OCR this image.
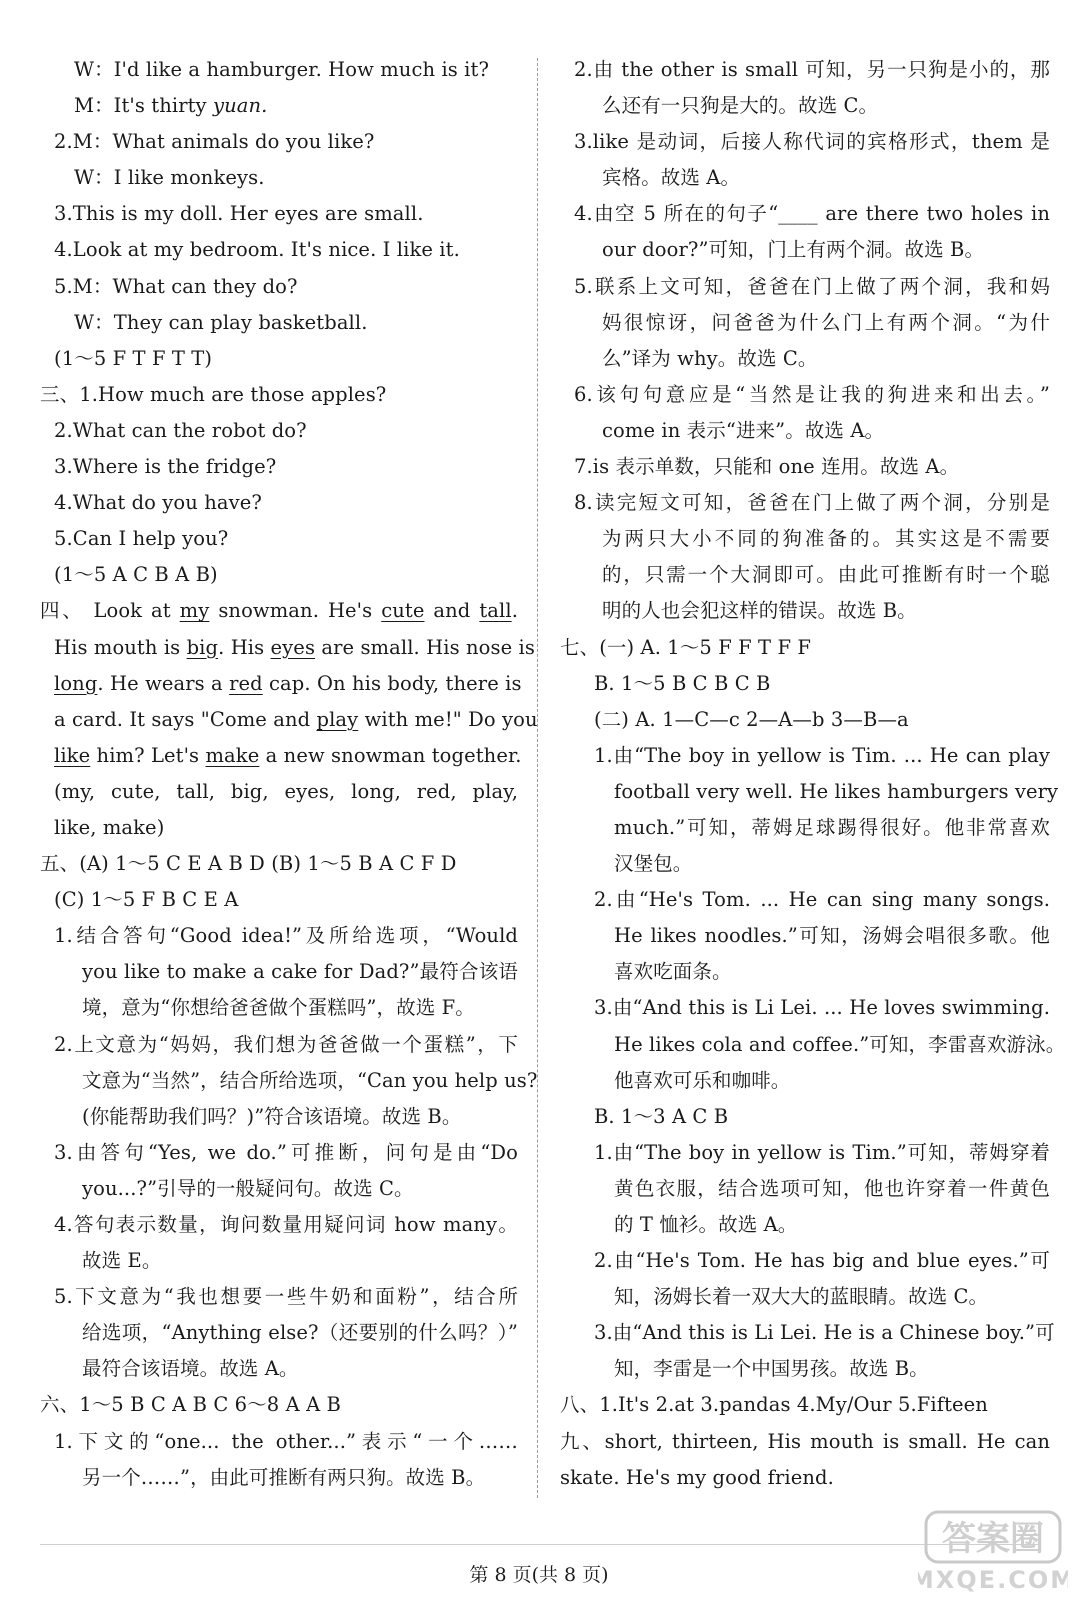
W：I'd like a hamburger. How much is it?
M：It's thirty yuan.
2.M：What animals do you like?
W：I like monkeys.
3.This is my doll. Her eyes are small.
4.Look at my bedroom. It's nice. I like it.
5.M：What can they do?
W：They can play basketball.
(1～5 F T F T T)
三、1.How much are those apples?
2.What can the robot do?
3.Where is the fridge?
4.What do you have?
5.Can I help you?
(1～5 A C B A B)
四、 Look at my snowman. He's cute and tall.
His mouth is big. His eyes are small. His nose is
long. He wears a red cap. On his body, there is
a card. It says "Come and play with me!" Do you
like him? Let's make a new snowman together.
(my, cute, tall, big, eyes, long, red, play,
like, make)
五、(A) 1～5 C E A B D (B) 1～5 B A C F D
(C) 1～5 F B C E A
1.结合答句“Good idea!”及所给选项，“Would
you like to make a cake for Dad?”最符合该语
境，意为“你想给爸爸做个蛋糕吗”，故选 F。
2.上文意为“妈妈，我们想为爸爸做一个蛋糕”，下
文意为“当然”，结合所给选项，“Can you help us?
(你能帮助我们吗？)”符合该语境。故选 B。
3.由答句“Yes, we do.”可推断，问句是由“Do
you...?”引导的一般疑问句。故选 C。
4.答句表示数量，询问数量用疑问词 how many。
故选 E。
5.下文意为“我也想要一些牛奶和面粉”，结合所
给选项，“Anything else?（还要别的什么吗？）”
最符合该语境。故选 A。
六、1～5 B C A B C 6～8 A A B
1.下文的“one... the other...”表示“一个……
另一个……”，由此可推断有两只狗。故选 B。
2.由 the other is small 可知，另一只狗是小的，那
么还有一只狗是大的。故选 C。
3.like 是动词，后接人称代词的宾格形式，them 是
宾格。故选 A。
4.由空 5 所在的句子“____ are there two holes in
our door?”可知，门上有两个洞。故选 B。
5.联系上文可知，爸爸在门上做了两个洞，我和妈
妈很惊讶，问爸爸为什么门上有两个洞。“为什
么”译为 why。故选 C。
6.该句句意应是“当然是让我的狗进来和出去。”
come in 表示“进来”。故选 A。
7.is 表示单数，只能和 one 连用。故选 A。
8.读完短文可知，爸爸在门上做了两个洞，分别是
为两只大小不同的狗准备的。其实这是不需要
的，只需一个大洞即可。由此可推断有时一个聪
明的人也会犯这样的错误。故选 B。
七、(一) A. 1～5 F F T F F
B. 1～5 B C B C B
(二) A. 1—C—c 2—A—b 3—B—a
1.由“The boy in yellow is Tim. ... He can play
football very well. He likes hamburgers very
much.”可知，蒂姆足球踢得很好。他非常喜欢
汉堡包。
2.由“He's Tom. ... He can sing many songs.
He likes noodles.”可知，汤姆会唱很多歌。他
喜欢吃面条。
3.由“And this is Li Lei. ... He loves swimming.
He likes cola and coffee.”可知，李雷喜欢游泳。
他喜欢可乐和咖啡。
B. 1～3 A C B
1.由“The boy in yellow is Tim.”可知，蒂姆穿着
黄色衣服，结合选项可知，他也许穿着一件黄色
的 T 恤衫。故选 A。
2.由“He's Tom. He has big and blue eyes.”可
知，汤姆长着一双大大的蓝眼睛。故选 C。
3.由“And this is Li Lei. He is a Chinese boy.”可
知，李雷是一个中国男孩。故选 B。
八、1.It's 2.at 3.pandas 4.My/Our 5.Fifteen
九、short, thirteen, His mouth is small. He can
skate. He's my good friend.
第 8 页(共 8 页)
答案圈
MXQE.COM
